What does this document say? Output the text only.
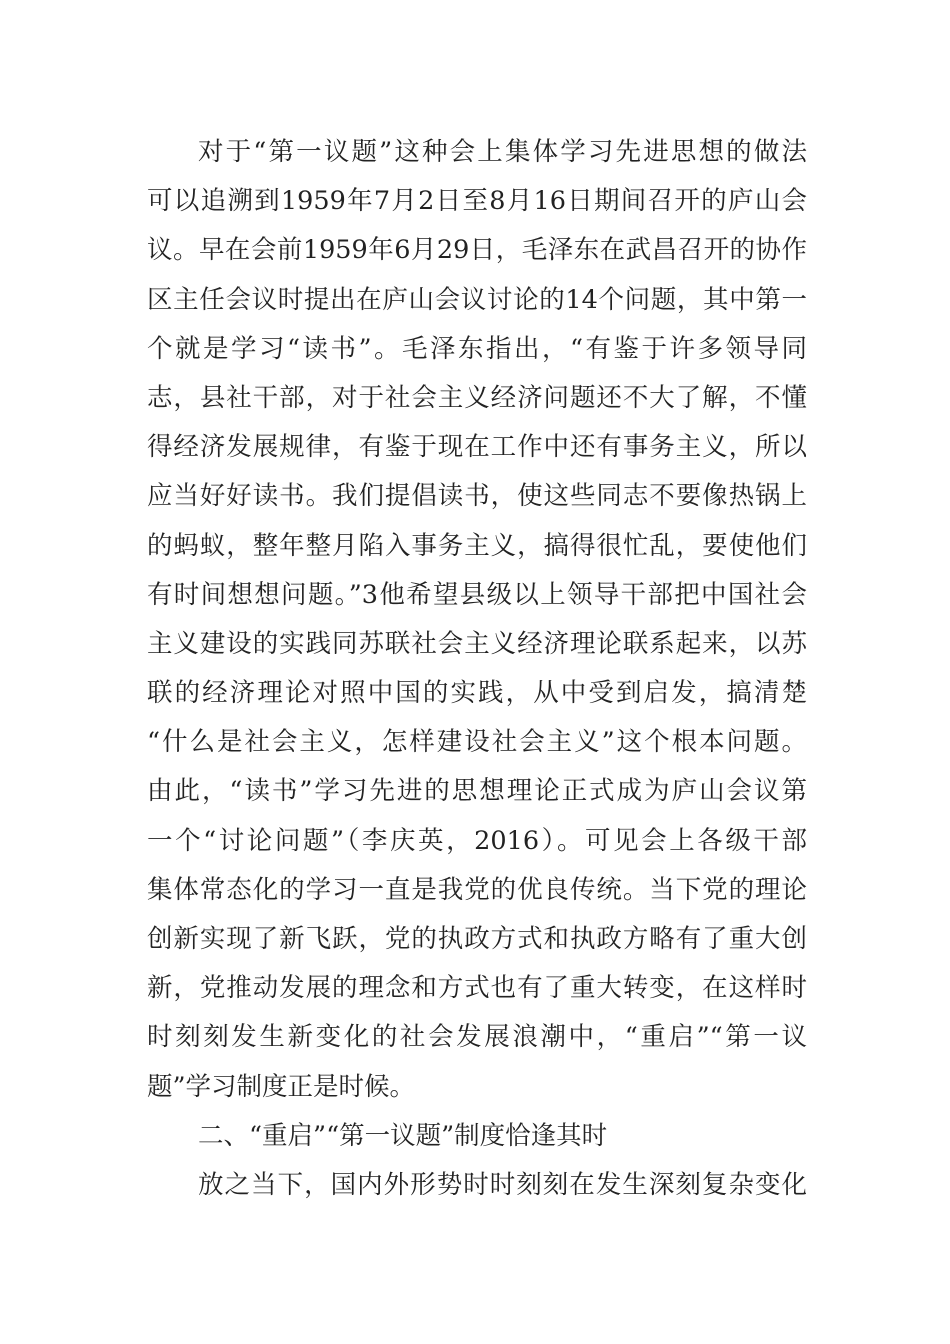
对于“第一议题”这种会上集体学习先进思想的做法
可以追溯到1959年7月2日至8月16日期间召开的庐山会
议。早在会前1959年6月29日，毛泽东在武昌召开的协作
区主任会议时提出在庐山会议讨论的14个问题，其中第一
个就是学习“读书”。毛泽东指出，“有鉴于许多领导同
志，县社干部，对于社会主义经济问题还不大了解，不懂
得经济发展规律，有鉴于现在工作中还有事务主义，所以
应当好好读书。我们提倡读书，使这些同志不要像热锅上
的蚂蚁，整年整月陷入事务主义，搞得很忙乱，要使他们
有时间想想问题。”3他希望县级以上领导干部把中国社会
主义建设的实践同苏联社会主义经济理论联系起来，以苏
联的经济理论对照中国的实践，从中受到启发，搞清楚
“什么是社会主义，怎样建设社会主义”这个根本问题。
由此，“读书”学习先进的思想理论正式成为庐山会议第
一个“讨论问题”（李庆英，2016）。可见会上各级干部
集体常态化的学习一直是我党的优良传统。当下党的理论
创新实现了新飞跃，党的执政方式和执政方略有了重大创
新，党推动发展的理念和方式也有了重大转变，在这样时
时刻刻发生新变化的社会发展浪潮中，“重启”“第一议
题”学习制度正是时候。
二、“重启”“第一议题”制度恰逢其时
放之当下，国内外形势时时刻刻在发生深刻复杂变化
